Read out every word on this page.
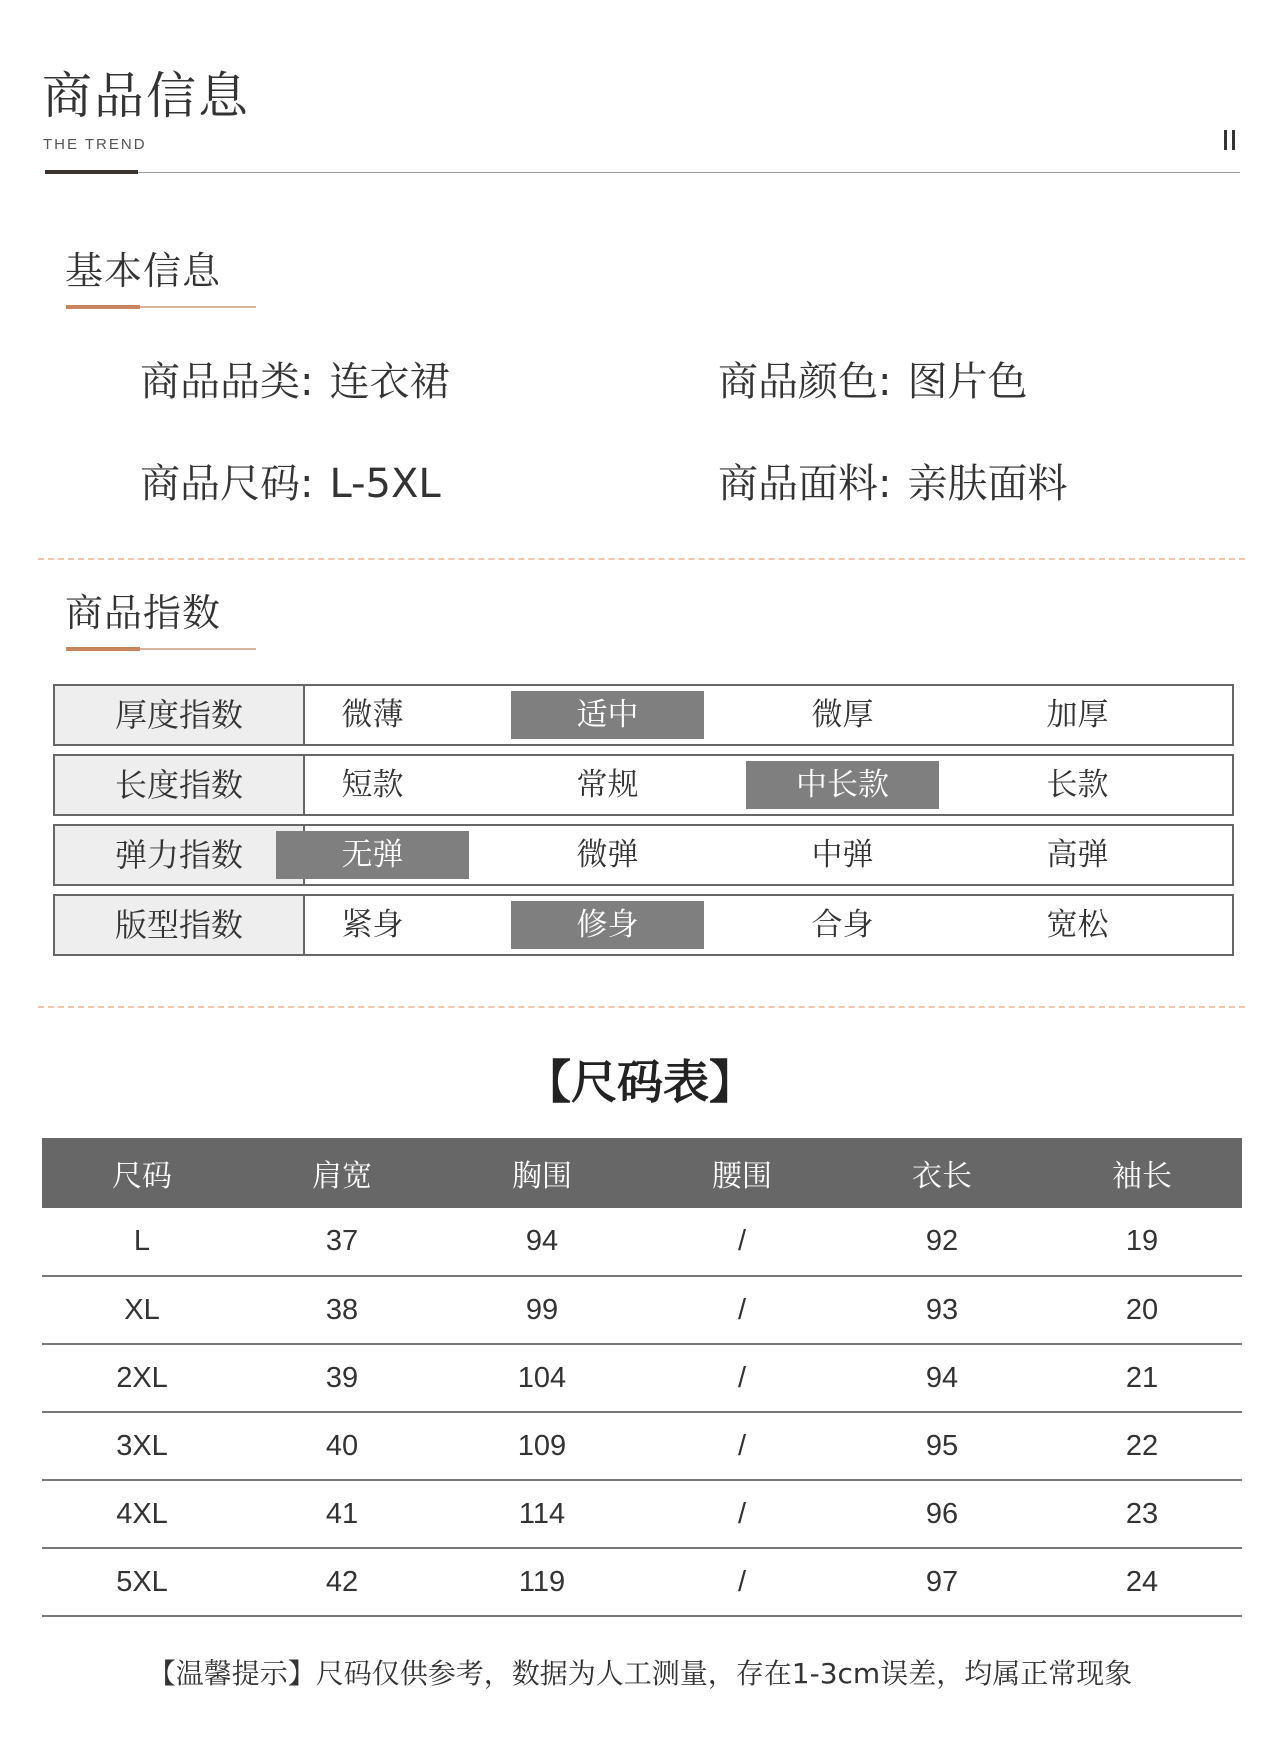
商品信息
THE TREND
基本信息
商品品类: 连衣裙	商品颜色: 图片色
商品尺码: L-5XL	商品面料: 亲肤面料
商品指数
厚度指数	微薄	适中	微厚	加厚
长度指数	短款	常规	中长款	长款
弹力指数	无弹	微弹	中弹	高弹
版型指数	紧身	修身	合身	宽松
【尺码表】
尺码	肩宽	胸围	腰围	衣长	袖长
L	37	94	/	92	19
XL	38	99	/	93	20
2XL	39	104	/	94	21
3XL	40	109	/	95	22
4XL	41	114	/	96	23
5XL	42	119	/	97	24
【温馨提示】尺码仅供参考，数据为人工测量，存在1-3cm误差，均属正常现象
